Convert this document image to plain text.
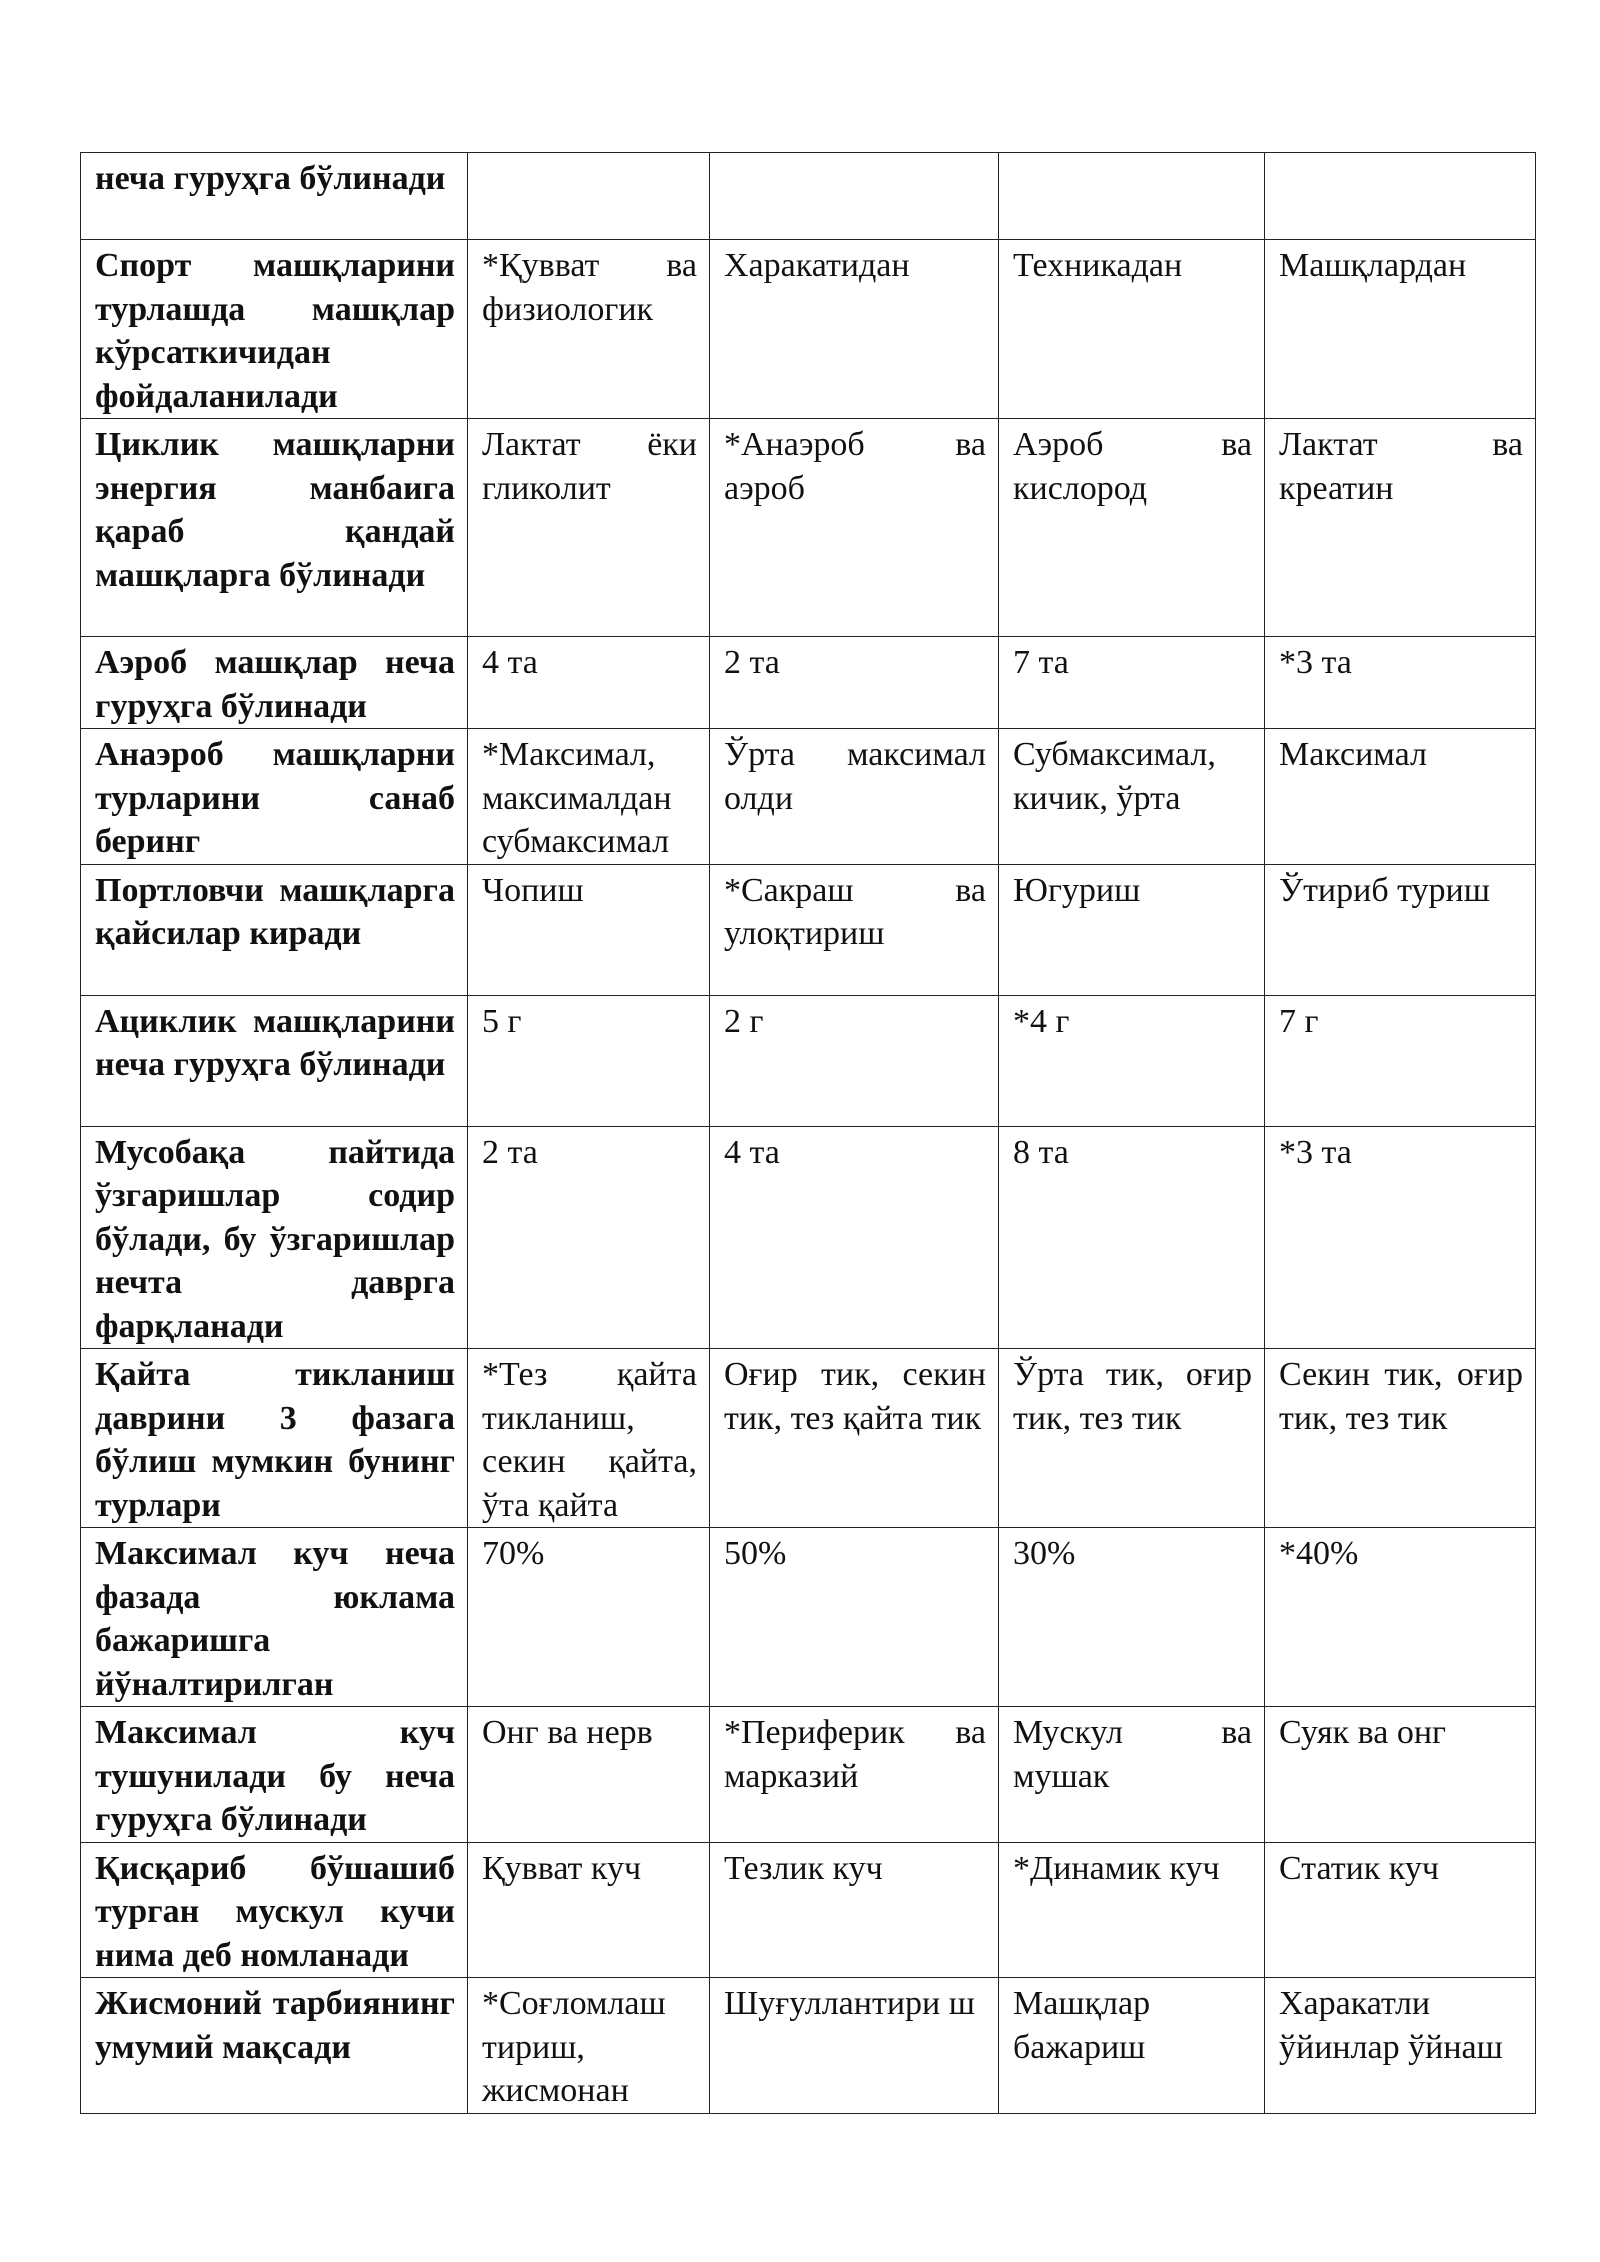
неча гуруҳга бўлинади				
Спорт машқларини турлашда машқлар кўрсаткичидан фойдаланилади	*Қувват ва физиологик	Харакатидан	Техникадан	Машқлардан
Циклик машқларни энергия манбаига қараб қандай машқларга бўлинади	Лактат ёки гликолит	*Анаэроб ва аэроб	Аэроб ва кислород	Лактат ва креатин
Аэроб машқлар неча гуруҳга бўлинади	4 та	2 та	7 та	*3 та
Анаэроб машқларни турларини санаб беринг	*Максимал, максималдан субмаксимал	Ўрта максимал олди	Субмаксимал, кичик, ўрта	Максимал
Портловчи машқларга қайсилар киради	Чопиш	*Сакраш ва улоқтириш	Югуриш	Ўтириб туриш
Ациклик машқларини неча гуруҳга бўлинади	5 г	2 г	*4 г	7 г
Мусобақа пайтида ўзгаришлар содир бўлади, бу ўзгаришлар нечта даврга фарқланади	2 та	4 та	8 та	*3 та
Қайта тикланиш даврини 3 фазага бўлиш мумкин бунинг турлари	*Тез қайта тикланиш, секин қайта, ўта қайта	Оғир тик, секин тик, тез қайта тик	Ўрта тик, оғир тик, тез тик	Секин тик, оғир тик, тез тик
Максимал куч неча фазада юклама бажаришга йўналтирилган	70%	50%	30%	*40%
Максимал куч тушунилади бу неча гуруҳга бўлинади	Онг ва нерв	*Периферик ва марказий	Мускул ва мушак	Суяк ва онг
Қисқариб бўшашиб турган мускул кучи нима деб номланади	Қувват куч	Тезлик куч	*Динамик куч	Статик куч
Жисмоний тарбиянинг умумий мақсади	*Соғломлаш тириш, жисмонан	Шуғуллантири ш	Машқлар бажариш	Харакатли ўйинлар ўйнаш
